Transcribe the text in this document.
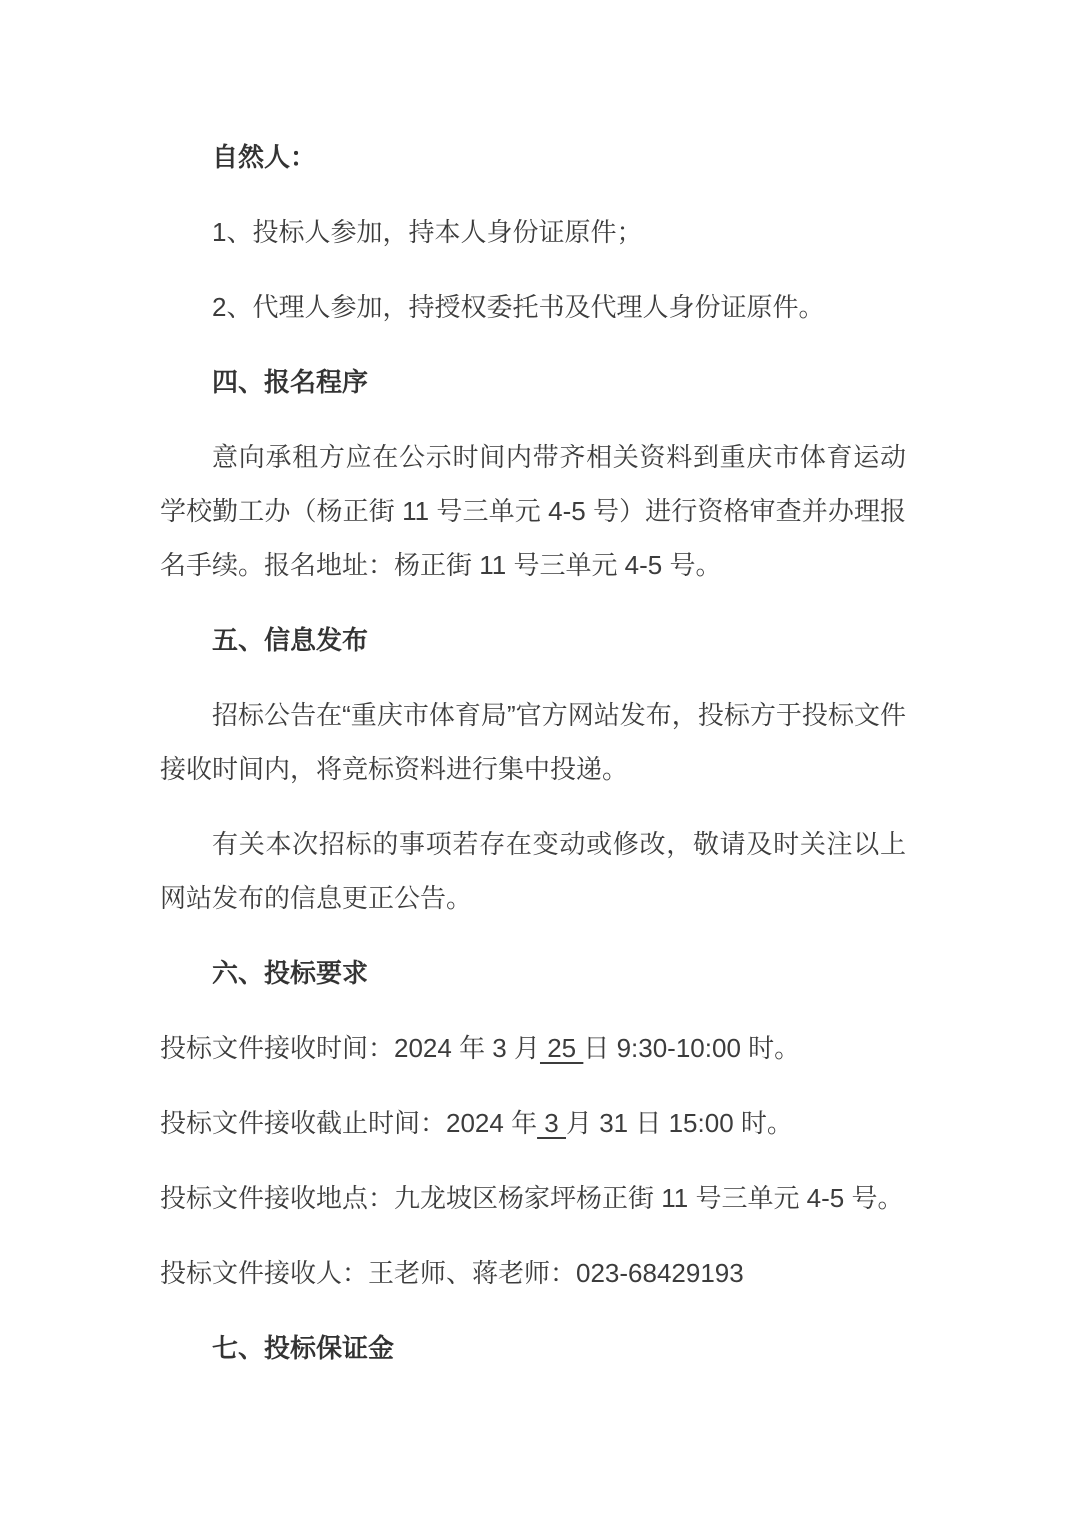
自然人：

1、投标人参加，持本人身份证原件；

2、代理人参加，持授权委托书及代理人身份证原件。

四、报名程序

意向承租方应在公示时间内带齐相关资料到重庆市体育运动学校勤工办（杨正街 11 号三单元 4-5 号）进行资格审查并办理报名手续。报名地址：杨正街 11 号三单元 4-5 号。

五、信息发布

招标公告在“重庆市体育局”官方网站发布，投标方于投标文件接收时间内，将竞标资料进行集中投递。

有关本次招标的事项若存在变动或修改，敬请及时关注以上网站发布的信息更正公告。

六、投标要求

投标文件接收时间：2024 年 3 月 25 日 9:30-10:00 时。

投标文件接收截止时间：2024 年 3 月 31 日 15:00 时。

投标文件接收地点：九龙坡区杨家坪杨正街 11 号三单元 4-5 号。

投标文件接收人：王老师、蒋老师：023-68429193

七、投标保证金
